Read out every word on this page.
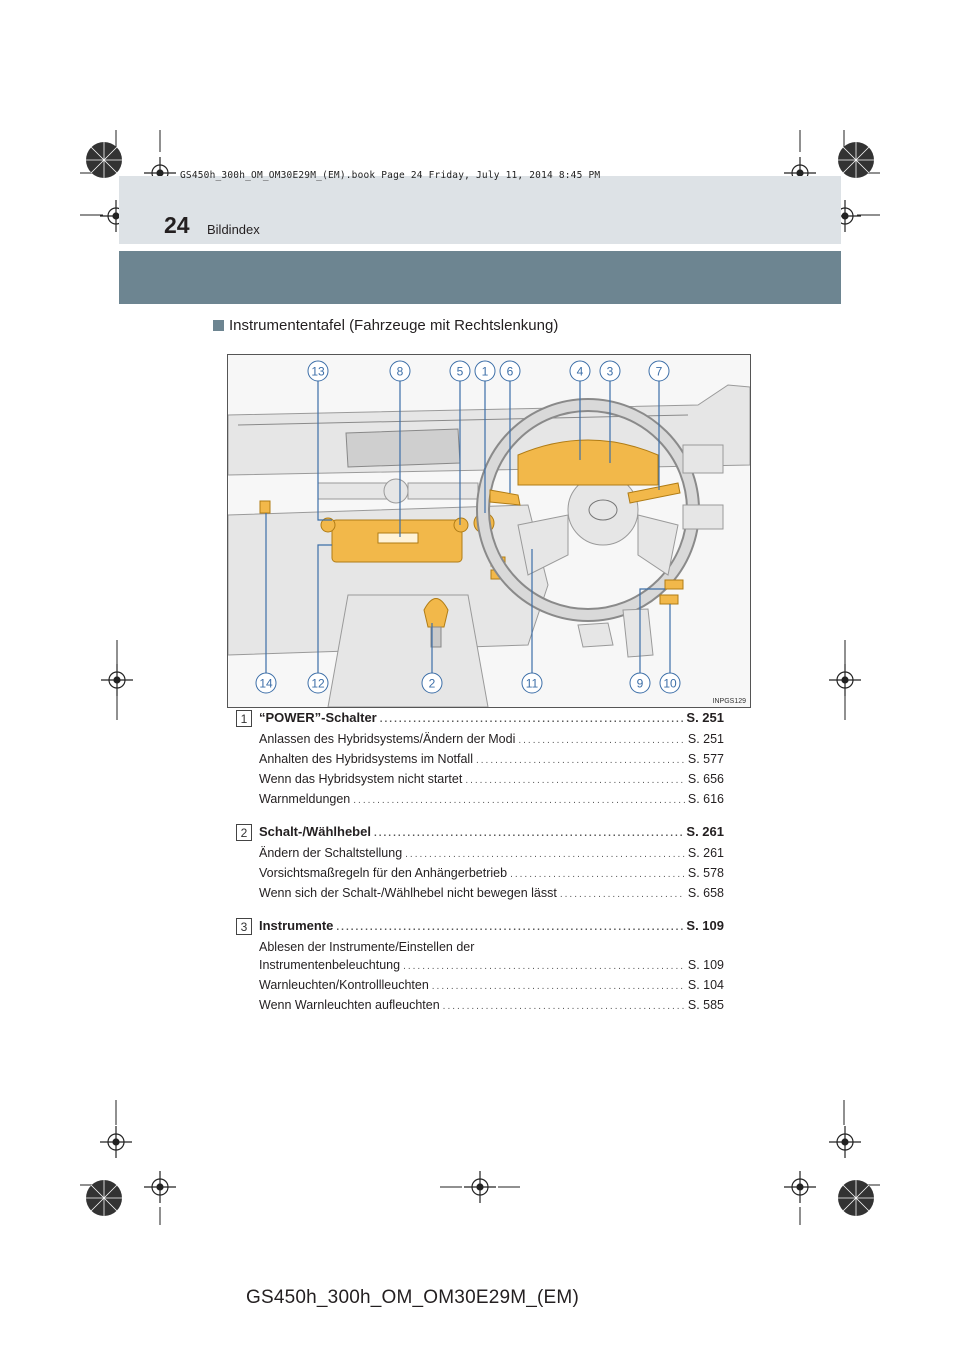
GS450h_300h_OM_OM30E29M_(EM).book Page 24 Friday, July 11, 2014 8:45 PM
24 Bildindex
Instrumententafel (Fahrzeuge mit Rechtslenkung)
13	8	5 1 6	4 3	7
14	12	2	11	9 10
INPGS129
1 “POWER”-Schalter .....	S. 251
Anlassen des Hybridsystems/Ändern der Modi .....	S. 251
Anhalten des Hybridsystems im Notfall .....	S. 577
Wenn das Hybridsystem nicht startet .....	S. 656
Warnmeldungen .....	S. 616
2 Schalt-/Wählhebel .....	S. 261
Ändern der Schaltstellung .....	S. 261
Vorsichtsmaßregeln für den Anhängerbetrieb .....	S. 578
Wenn sich der Schalt-/Wählhebel nicht bewegen lässt .....	S. 658
3 Instrumente .....	S. 109
Ablesen der Instrumente/Einstellen der
Instrumentenbeleuchtung .....	S. 109
Warnleuchten/Kontrollleuchten .....	S. 104
Wenn Warnleuchten aufleuchten .....	S. 585
GS450h_300h_OM_OM30E29M_(EM)
